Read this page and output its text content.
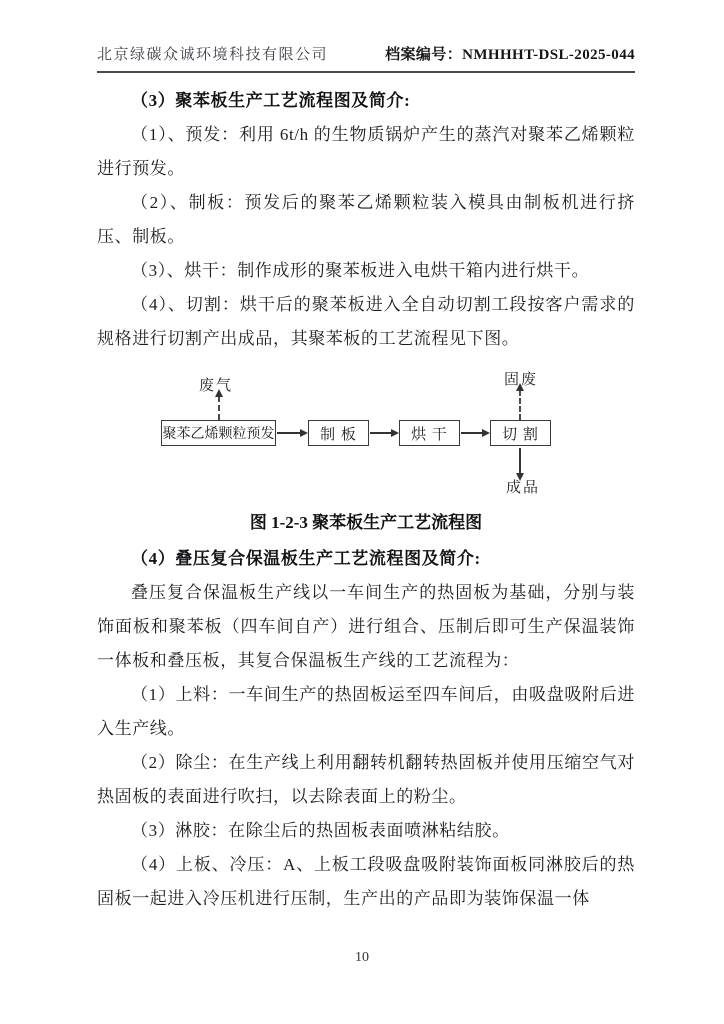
北京绿碳众诚环境科技有限公司	档案编号：NMHHHT-DSL-2025-044

（3）聚苯板生产工艺流程图及简介:

（1）、预发：利用 6t/h 的生物质锅炉产生的蒸汽对聚苯乙烯颗粒进行预发。

（2）、制板：预发后的聚苯乙烯颗粒装入模具由制板机进行挤压、制板。

（3）、烘干：制作成形的聚苯板进入电烘干箱内进行烘干。

（4）、切割：烘干后的聚苯板进入全自动切割工段按客户需求的规格进行切割产出成品，其聚苯板的工艺流程见下图。

废气
聚苯乙烯颗粒预发	制 板	烘 干	切 割
固废
成品

图 1-2-3 聚苯板生产工艺流程图

（4）叠压复合保温板生产工艺流程图及简介:

叠压复合保温板生产线以一车间生产的热固板为基础，分别与装饰面板和聚苯板（四车间自产）进行组合、压制后即可生产保温装饰一体板和叠压板，其复合保温板生产线的工艺流程为：

（1）上料：一车间生产的热固板运至四车间后，由吸盘吸附后进入生产线。

（2）除尘：在生产线上利用翻转机翻转热固板并使用压缩空气对热固板的表面进行吹扫，以去除表面上的粉尘。

（3）淋胶：在除尘后的热固板表面喷淋粘结胶。

（4）上板、冷压：A、上板工段吸盘吸附装饰面板同淋胶后的热固板一起进入冷压机进行压制，生产出的产品即为装饰保温一体

10
